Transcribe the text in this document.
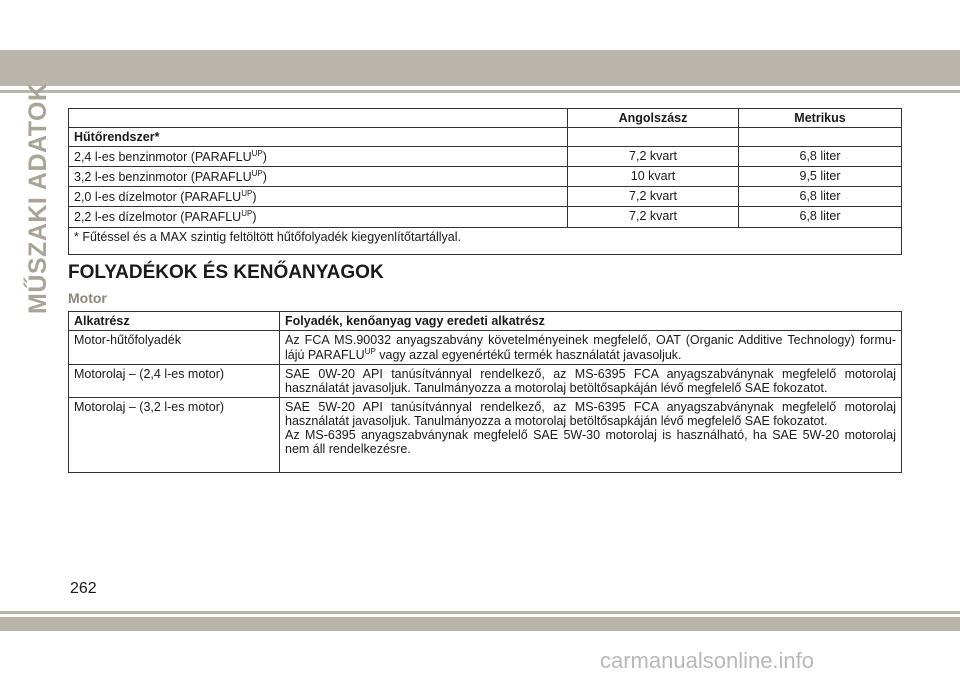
MŰSZAKI ADATOK
		Angolszász	Metrikus
Hűtőrendszer*		
2,4 l-es benzinmotor $(PARAFLU^{UP})$	7,2 kvart	6,8 liter
3,2 l-es benzinmotor $(PARAFLU^{UP})$	10 kvart	9,5 liter
2,0 l-es dízelmotor $(PARAFLU^{UP})$	7,2 kvart	6,8 liter
2,2 l-es dízelmotor $(PARAFLU^{UP})$	7,2 kvart	6,8 liter
* Fűtéssel és a MAX szintig feltöltött hűtőfolyadék kiegyenlítőtartállyal.		
FOLYADÉKOK ÉS KENŐANYAGOK
Motor
Alkatrész	Folyadék, kenőanyag vagy eredeti alkatrész
Motor-hűtőfolyadék	Az FCA MS.90032 anyagszabvány követelményeinek megfelelő, OAT (Organic Additive Technology) formu-lájú $PARAFLU^{UP}$ vagy azzal egyenértékű termék használatát javasoljuk.
Motorolaj – (2,4 l-es motor)	SAE 0W-20 API tanúsítvánnyal rendelkező, az MS-6395 FCA anyagszabványnak megfelelő motorolaj használatát javasoljuk. Tanulmányozza a motorolaj betöltősapkáján lévő megfelelő SAE fokozatot.
Motorolaj – (3,2 l-es motor)	SAE 5W-20 API tanúsítvánnyal rendelkező, az MS-6395 FCA anyagszabványnak megfelelő motorolaj használatát javasoljuk. Tanulmányozza a motorolaj betöltősapkáján lévő megfelelő SAE fokozatot.
Az MS-6395 anyagszabványnak megfelelő SAE 5W-30 motorolaj is használható, ha SAE 5W-20 motorolaj nem áll rendelkezésre.
262
carmanualsonline.info
